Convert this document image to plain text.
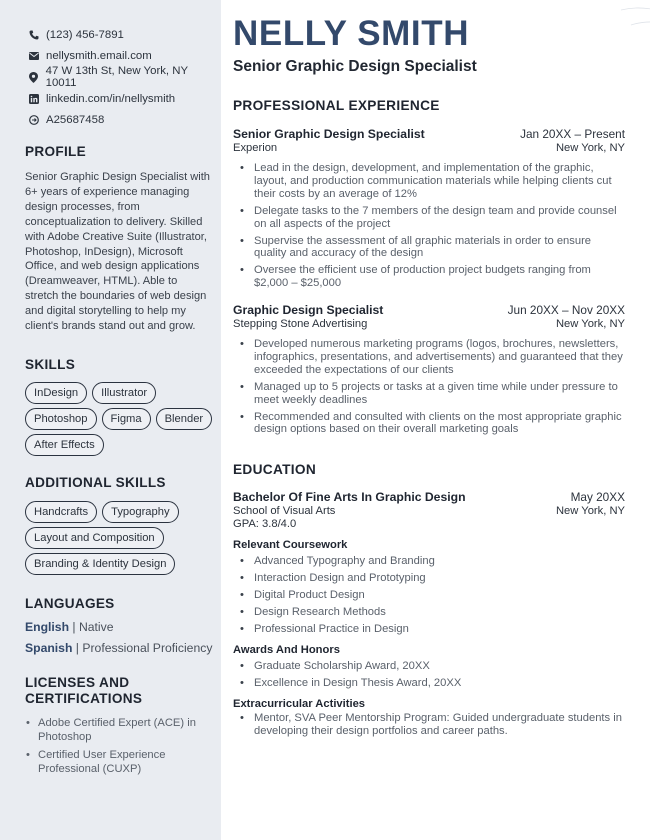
(123) 456-7891
nellysmith.email.com
47 W 13th St, New York, NY 10011
linkedin.com/in/nellysmith
A25687458
PROFILE
Senior Graphic Design Specialist with 6+ years of experience managing design processes, from conceptualization to delivery. Skilled with Adobe Creative Suite (Illustrator, Photoshop, InDesign), Microsoft Office, and web design applications (Dreamweaver, HTML). Able to stretch the boundaries of web design and digital storytelling to help my client's brands stand out and grow.
SKILLS
InDesign	Illustrator
Photoshop	Figma	Blender
After Effects
ADDITIONAL SKILLS
Handcrafts	Typography
Layout and Composition
Branding & Identity Design
LANGUAGES
English | Native
Spanish | Professional Proficiency
LICENSES AND CERTIFICATIONS
• Adobe Certified Expert (ACE) in Photoshop
• Certified User Experience Professional (CUXP)
NELLY SMITH
Senior Graphic Design Specialist
PROFESSIONAL EXPERIENCE
Senior Graphic Design Specialist	Jan 20XX – Present
Experion	New York, NY
• Lead in the design, development, and implementation of the graphic, layout, and production communication materials while helping clients cut their costs by an average of 12%
• Delegate tasks to the 7 members of the design team and provide counsel on all aspects of the project
• Supervise the assessment of all graphic materials in order to ensure quality and accuracy of the design
• Oversee the efficient use of production project budgets ranging from $2,000 – $25,000
Graphic Design Specialist	Jun 20XX – Nov 20XX
Stepping Stone Advertising	New York, NY
• Developed numerous marketing programs (logos, brochures, newsletters, infographics, presentations, and advertisements) and guaranteed that they exceeded the expectations of our clients
• Managed up to 5 projects or tasks at a given time while under pressure to meet weekly deadlines
• Recommended and consulted with clients on the most appropriate graphic design options based on their overall marketing goals
EDUCATION
Bachelor Of Fine Arts In Graphic Design	May 20XX
School of Visual Arts	New York, NY
GPA: 3.8/4.0
Relevant Coursework
• Advanced Typography and Branding
• Interaction Design and Prototyping
• Digital Product Design
• Design Research Methods
• Professional Practice in Design
Awards And Honors
• Graduate Scholarship Award, 20XX
• Excellence in Design Thesis Award, 20XX
Extracurricular Activities
• Mentor, SVA Peer Mentorship Program: Guided undergraduate students in developing their design portfolios and career paths.
